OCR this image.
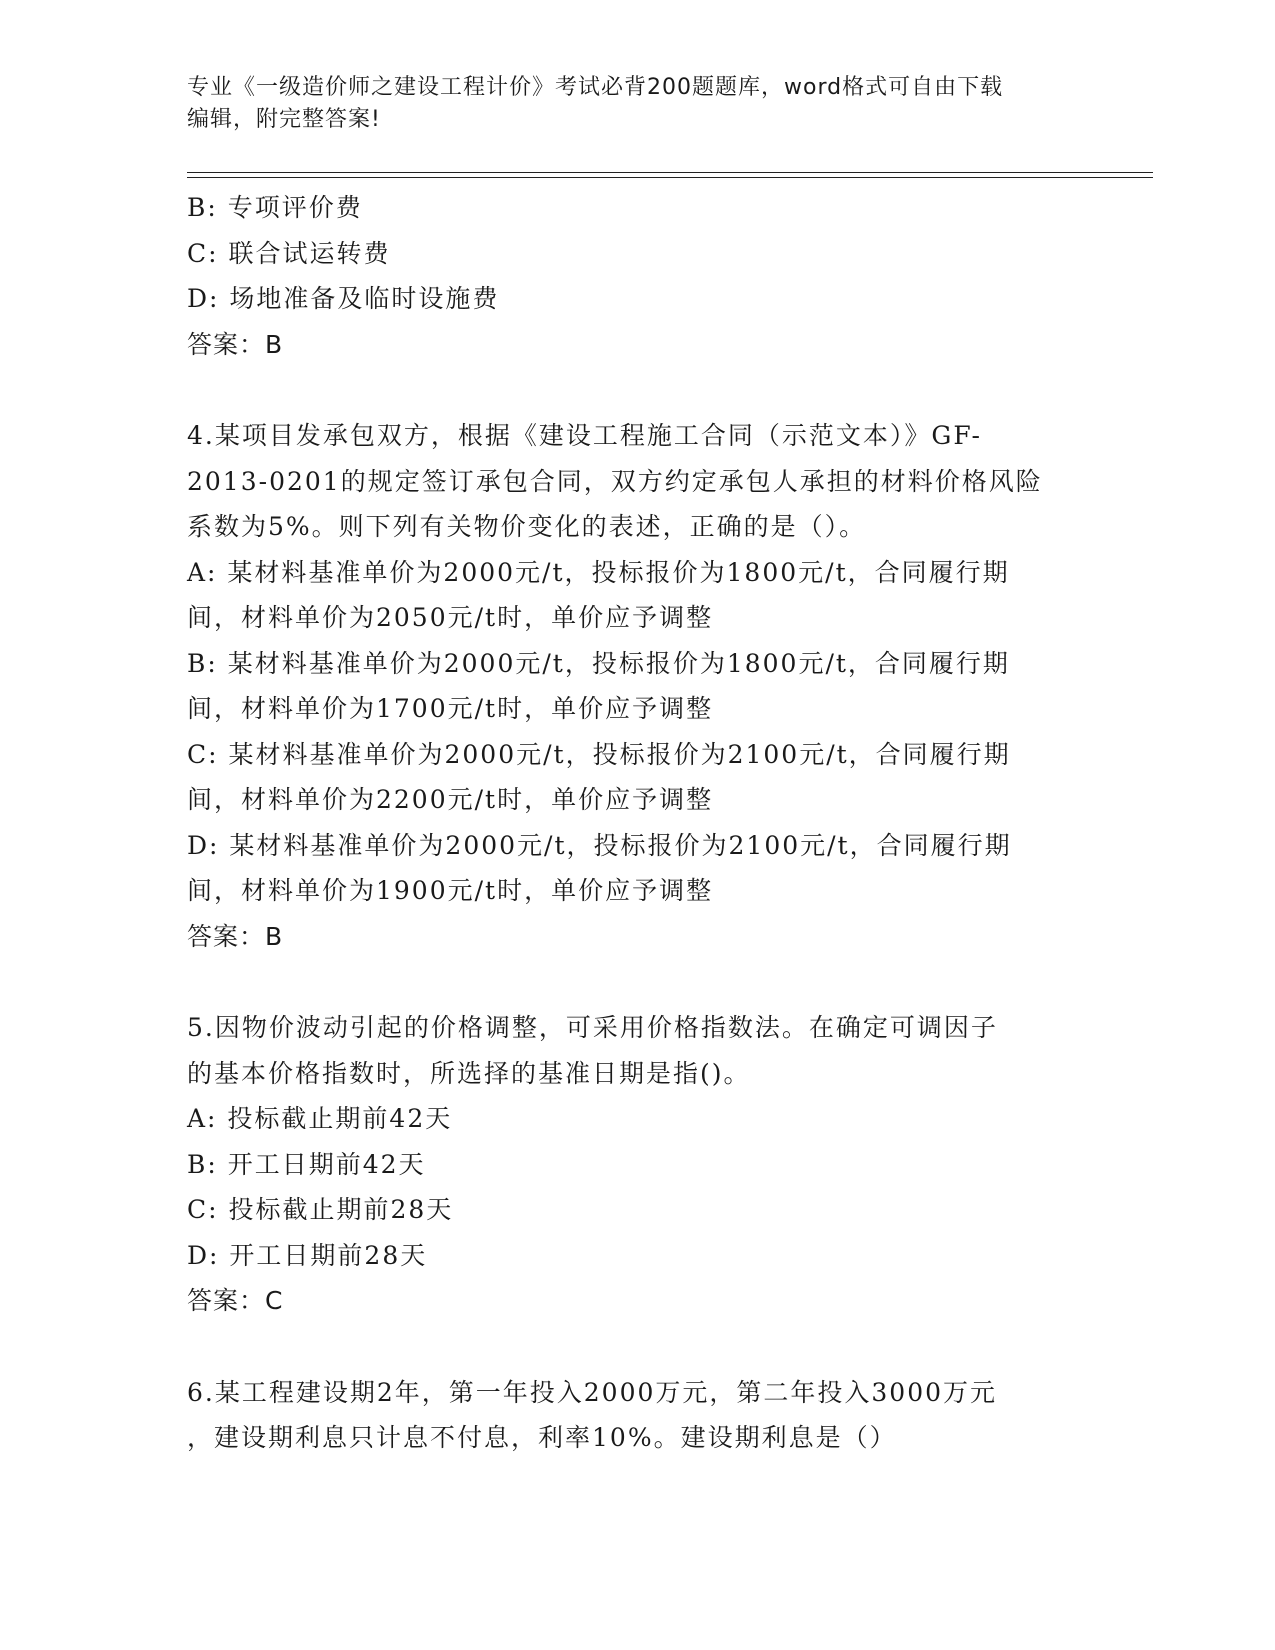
专业《一级造价师之建设工程计价》考试必背200题题库，word格式可自由下载
编辑，附完整答案!
B: 专项评价费
C: 联合试运转费
D: 场地准备及临时设施费
答案：B
4.某项目发承包双方，根据《建设工程施工合同（示范文本）》GF-
2013-0201的规定签订承包合同，双方约定承包人承担的材料价格风险
系数为5%。则下列有关物价变化的表述，正确的是（）。
A: 某材料基准单价为2000元/t，投标报价为1800元/t，合同履行期
间，材料单价为2050元/t时，单价应予调整
B: 某材料基准单价为2000元/t，投标报价为1800元/t，合同履行期
间，材料单价为1700元/t时，单价应予调整
C: 某材料基准单价为2000元/t，投标报价为2100元/t，合同履行期
间，材料单价为2200元/t时，单价应予调整
D: 某材料基准单价为2000元/t，投标报价为2100元/t，合同履行期
间，材料单价为1900元/t时，单价应予调整
答案：B
5.因物价波动引起的价格调整，可采用价格指数法。在确定可调因子
的基本价格指数时，所选择的基准日期是指()。
A: 投标截止期前42天
B: 开工日期前42天
C: 投标截止期前28天
D: 开工日期前28天
答案：C
6.某工程建设期2年，第一年投入2000万元，第二年投入3000万元
，建设期利息只计息不付息，利率10%。建设期利息是（）
